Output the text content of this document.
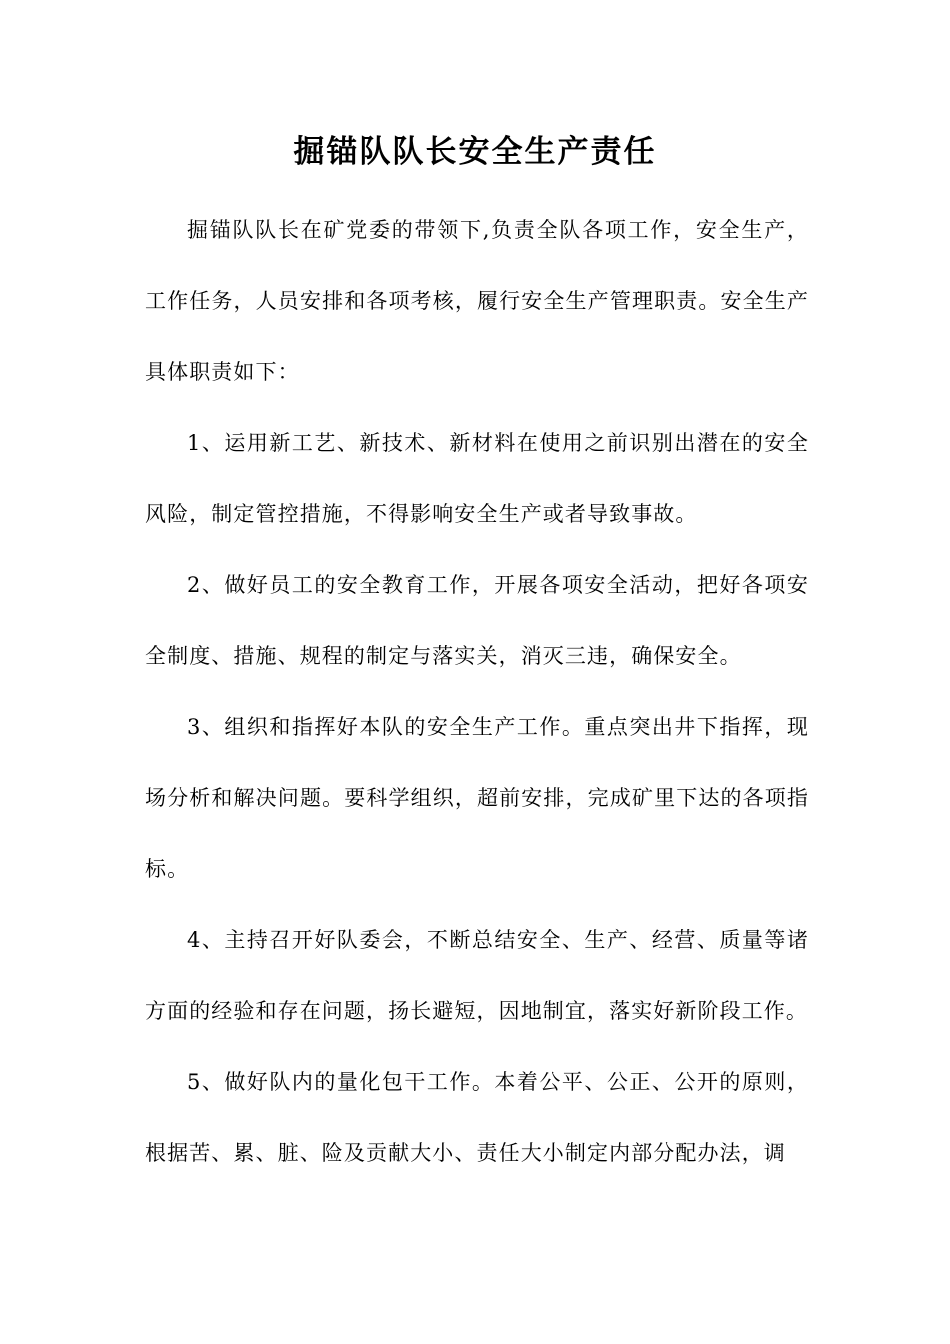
掘锚队队长安全生产责任

掘锚队队长在矿党委的带领下,负责全队各项工作，安全生产，工作任务，人员安排和各项考核，履行安全生产管理职责。安全生产具体职责如下：

1、运用新工艺、新技术、新材料在使用之前识别出潜在的安全风险，制定管控措施，不得影响安全生产或者导致事故。

2、做好员工的安全教育工作，开展各项安全活动，把好各项安全制度、措施、规程的制定与落实关，消灭三违，确保安全。

3、组织和指挥好本队的安全生产工作。重点突出井下指挥，现场分析和解决问题。要科学组织，超前安排，完成矿里下达的各项指标。

4、主持召开好队委会，不断总结安全、生产、经营、质量等诸方面的经验和存在问题，扬长避短，因地制宜，落实好新阶段工作。

5、做好队内的量化包干工作。本着公平、公正、公开的原则，根据苦、累、脏、险及贡献大小、责任大小制定内部分配办法，调
